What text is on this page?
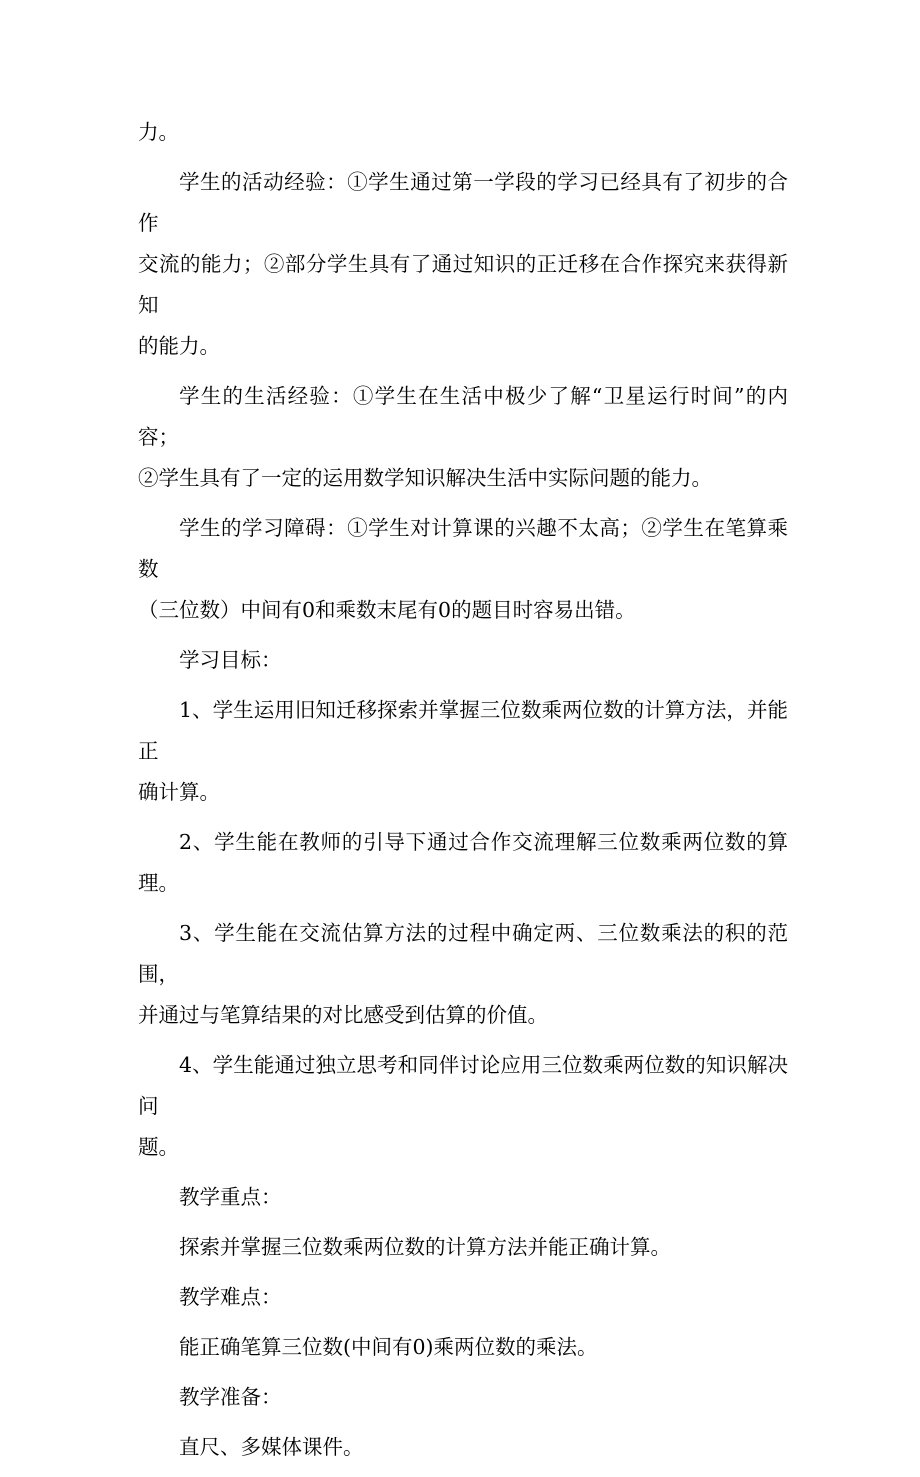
力。

学生的活动经验：①学生通过第一学段的学习已经具有了初步的合作
交流的能力；②部分学生具有了通过知识的正迁移在合作探究来获得新知
的能力。

学生的生活经验：①学生在生活中极少了解“卫星运行时间”的内容；
②学生具有了一定的运用数学知识解决生活中实际问题的能力。

学生的学习障碍：①学生对计算课的兴趣不太高；②学生在笔算乘数
（三位数）中间有0和乘数末尾有0的题目时容易出错。

学习目标：

1、学生运用旧知迁移探索并掌握三位数乘两位数的计算方法，并能正
确计算。

2、学生能在教师的引导下通过合作交流理解三位数乘两位数的算理。

3、学生能在交流估算方法的过程中确定两、三位数乘法的积的范围，
并通过与笔算结果的对比感受到估算的价值。

4、学生能通过独立思考和同伴讨论应用三位数乘两位数的知识解决问
题。

教学重点：

探索并掌握三位数乘两位数的计算方法并能正确计算。

教学难点：

能正确笔算三位数(中间有0)乘两位数的乘法。

教学准备：

直尺、多媒体课件。
